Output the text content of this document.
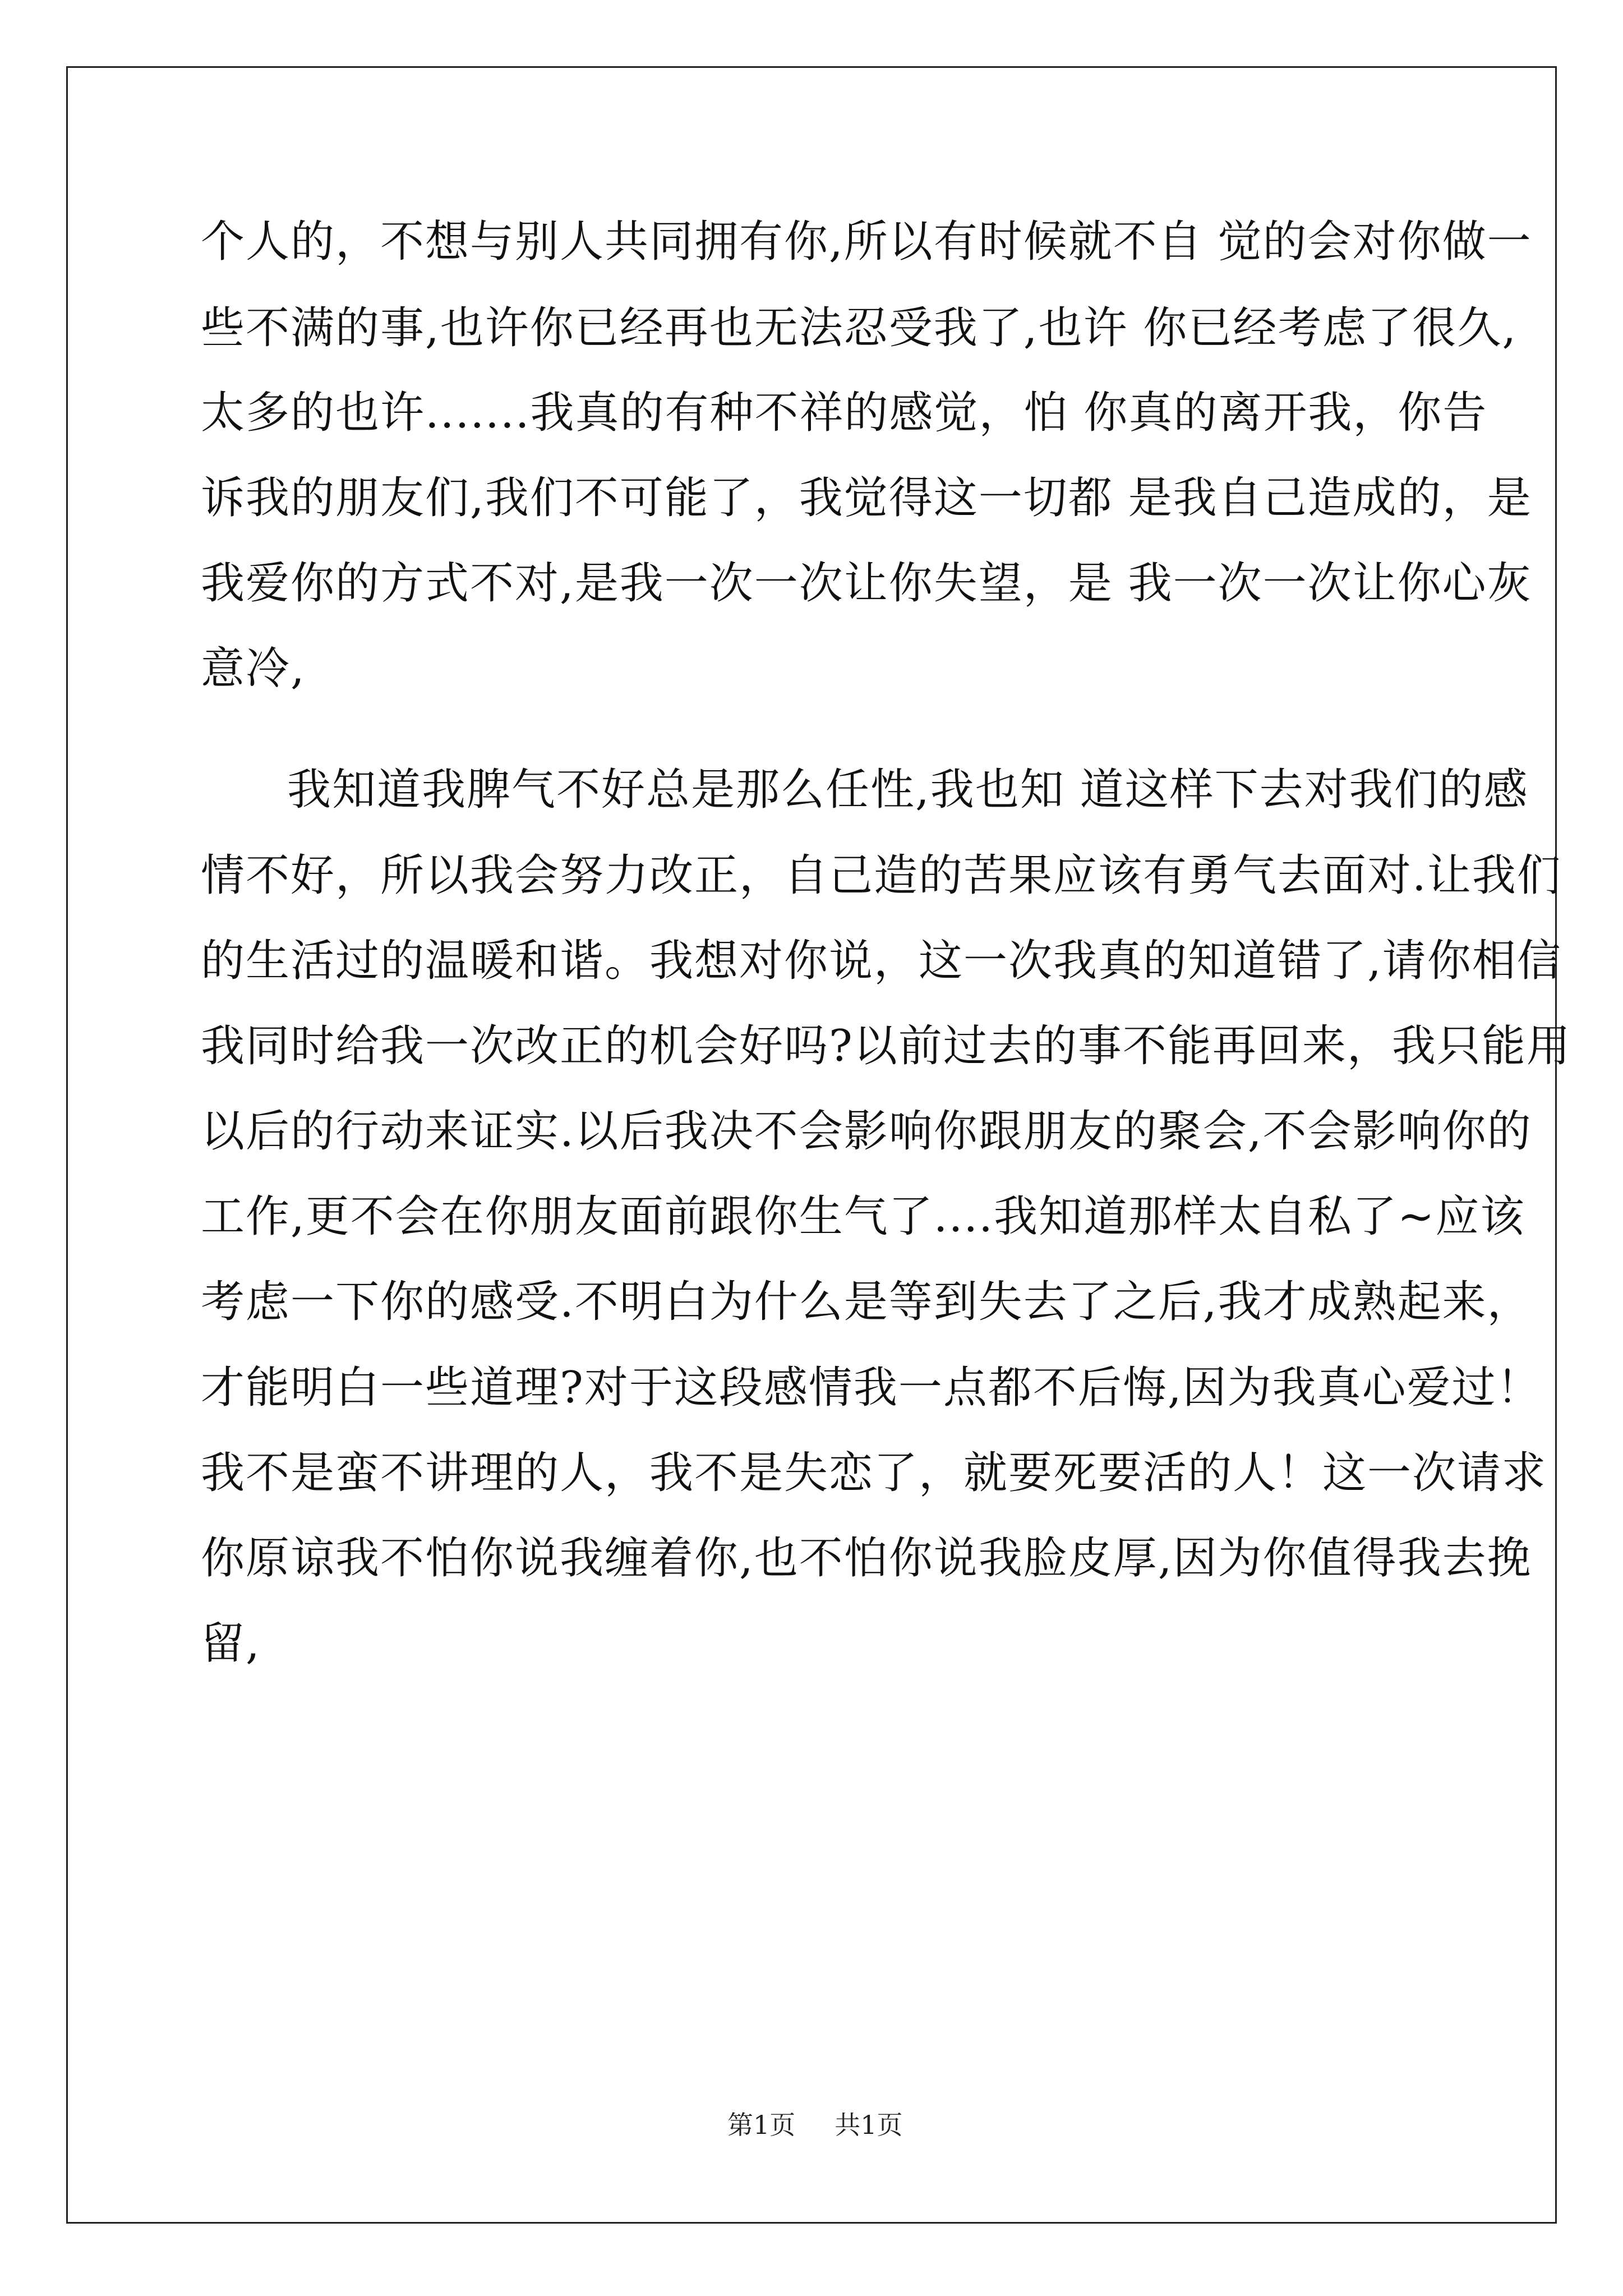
个人的，不想与别人共同拥有你,所以有时候就不自 觉的会对你做一
些不满的事,也许你已经再也无法忍受我了,也许 你已经考虑了很久,
太多的也许.......我真的有种不祥的感觉，怕 你真的离开我，你告
诉我的朋友们,我们不可能了，我觉得这一切都 是我自己造成的，是
我爱你的方式不对,是我一次一次让你失望，是 我一次一次让你心灰
意冷,
我知道我脾气不好总是那么任性,我也知 道这样下去对我们的感
情不好，所以我会努力改正，自己造的苦果应该有勇气去面对.让我们
的生活过的温暖和谐。我想对你说，这一次我真的知道错了,请你相信
我同时给我一次改正的机会好吗?以前过去的事不能再回来，我只能用
以后的行动来证实.以后我决不会影响你跟朋友的聚会,不会影响你的
工作,更不会在你朋友面前跟你生气了....我知道那样太自私了~应该
考虑一下你的感受.不明白为什么是等到失去了之后,我才成熟起来，
才能明白一些道理?对于这段感情我一点都不后悔,因为我真心爱过！
我不是蛮不讲理的人，我不是失恋了，就要死要活的人！这一次请求
你原谅我不怕你说我缠着你,也不怕你说我脸皮厚,因为你值得我去挽
留,
第1页 共1页
